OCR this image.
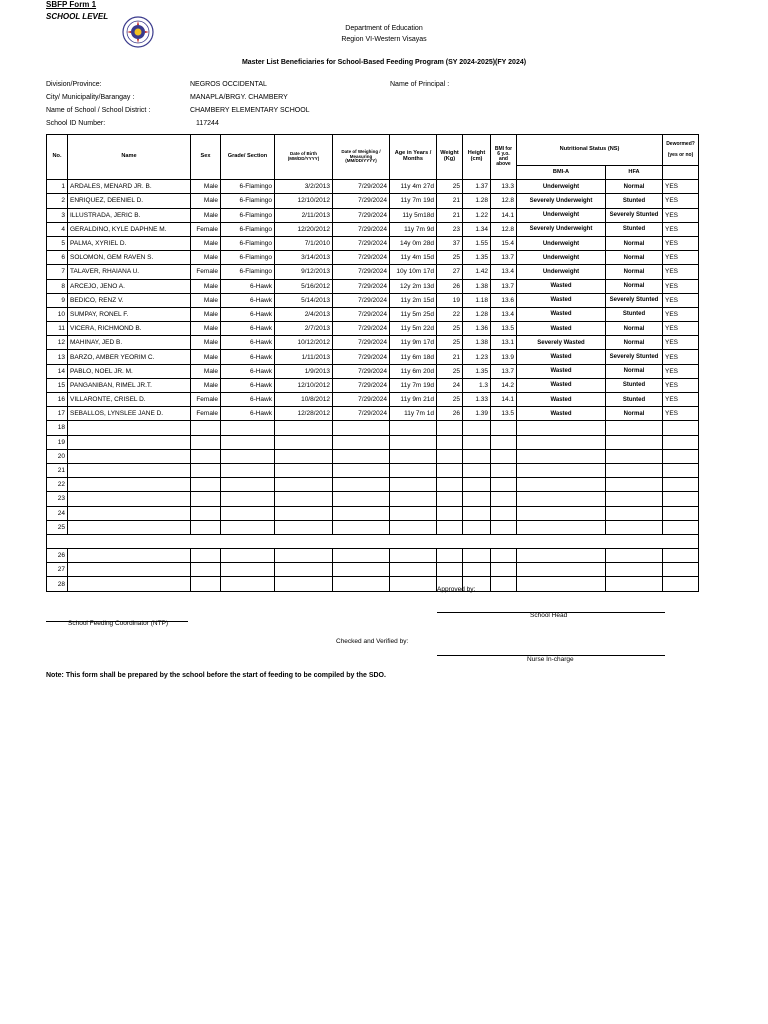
SBFP Form 1
SCHOOL LEVEL
Department of Education
Region VI-Western Visayas
Master List Beneficiaries for School-Based Feeding Program (SY 2024-2025)(FY 2024)
Division/Province:	NEGROS OCCIDENTAL	Name of Principal :
City/ Municipality/Barangay :	MANAPLA/BRGY. CHAMBERY
Name of School / School District :	CHAMBERY ELEMENTARY SCHOOL
School ID Number:	117244
No.	Name	Sex	Grade/ Section	Date of Birth (MM/DD/YYYY)	Date of Weighing / Measuring (MM/DD/YYYY)	Age in Years / Months	Weight (Kg)	Height (cm)	BMI for 6 y.o. and above	Nutritional Status (NS)		Dewormed?

(yes or no)
										BMI-A	HFA	
1	ARDALES, MENARD JR. B.	Male	6-Flamingo	3/2/2013	7/29/2024	11y 4m 27d	25	1.37	13.3	Underweight	Normal	YES
2	ENRIQUEZ, DEENIEL D.	Male	6-Flamingo	12/10/2012	7/29/2024	11y 7m 19d	21	1.28	12.8	Severely Underweight	Stunted	YES
3	ILLUSTRADA, JERIC B.	Male	6-Flamingo	2/11/2013	7/29/2024	11y 5m18d	21	1.22	14.1	Underweight	Severely Stunted	YES
4	GERALDINO, KYLE DAPHNE M.	Female	6-Flamingo	12/20/2012	7/29/2024	11y 7m 9d	23	1.34	12.8	Severely Underweight	Stunted	YES
5	PALMA, XYRIEL D.	Male	6-Flamingo	7/1/2010	7/29/2024	14y 0m 28d	37	1.55	15.4	Underweight	Normal	YES
6	SOLOMON, GEM RAVEN S.	Male	6-Flamingo	3/14/2013	7/29/2024	11y 4m 15d	25	1.35	13.7	Underweight	Normal	YES
7	TALAVER, RHAIANA U.	Female	6-Flamingo	9/12/2013	7/29/2024	10y 10m 17d	27	1.42	13.4	Underweight	Normal	YES
8	ARCEJO, JENO A.	Male	6-Hawk	5/16/2012	7/29/2024	12y 2m 13d	26	1.38	13.7	Wasted	Normal	YES
9	BEDICO, RENZ V.	Male	6-Hawk	5/14/2013	7/29/2024	11y 2m 15d	19	1.18	13.6	Wasted	Severely Stunted	YES
10	SUMPAY, RONEL F.	Male	6-Hawk	2/4/2013	7/29/2024	11y 5m 25d	22	1.28	13.4	Wasted	Stunted	YES
11	VICERA, RICHMOND B.	Male	6-Hawk	2/7/2013	7/29/2024	11y 5m 22d	25	1.36	13.5	Wasted	Normal	YES
12	MAHINAY, JED B.	Male	6-Hawk	10/12/2012	7/29/2024	11y 9m 17d	25	1.38	13.1	Severely Wasted	Normal	YES
13	BARZO, AMBER YEORIM C.	Male	6-Hawk	1/11/2013	7/29/2024	11y 6m 18d	21	1.23	13.9	Wasted	Severely Stunted	YES
14	PABLO, NOEL JR. M.	Male	6-Hawk	1/9/2013	7/29/2024	11y 6m 20d	25	1.35	13.7	Wasted	Normal	YES
15	PANGANIBAN, RIMEL JR.T.	Male	6-Hawk	12/10/2012	7/29/2024	11y 7m 19d	24	1.3	14.2	Wasted	Stunted	YES
16	VILLARONTE, CRISEL D.	Female	6-Hawk	10/8/2012	7/29/2024	11y 9m 21d	25	1.33	14.1	Wasted	Stunted	YES
17	SEBALLOS, LYNSLEE JANE D.	Female	6-Hawk	12/28/2012	7/29/2024	11y 7m 1d	26	1.39	13.5	Wasted	Normal	YES
18												
19												
20												
21												
22												
23												
24												
25												

26												
27												
28												
Approved by:
School Feeding Coordinator (NTP)
School Head
Checked and Verified by:
Nurse In-charge
Note: This form shall be prepared by the school before the start of feeding to be compiled by the SDO.
